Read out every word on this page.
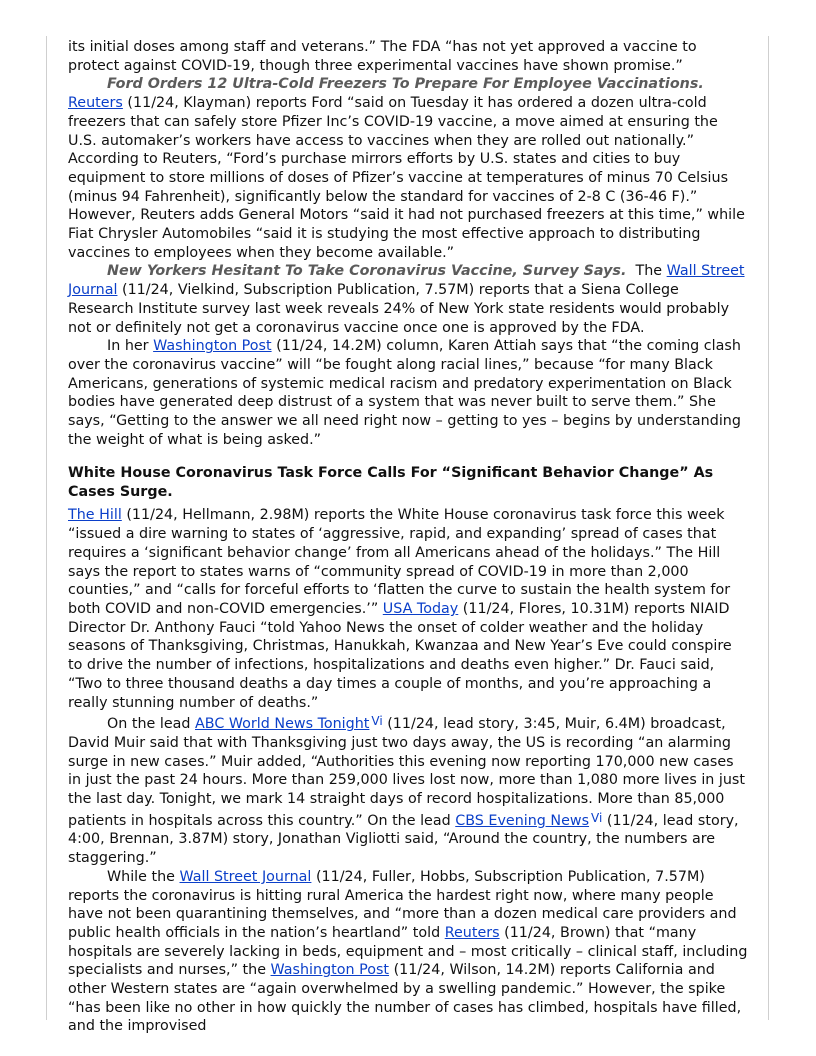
its initial doses among staff and veterans.” The FDA “has not yet approved a vaccine to protect against COVID-19, though three experimental vaccines have shown promise.”

Ford Orders 12 Ultra-Cold Freezers To Prepare For Employee Vaccinations.
Reuters (11/24, Klayman) reports Ford “said on Tuesday it has ordered a dozen ultra-cold freezers that can safely store Pfizer Inc’s COVID-19 vaccine, a move aimed at ensuring the U.S. automaker’s workers have access to vaccines when they are rolled out nationally.” According to Reuters, “Ford’s purchase mirrors efforts by U.S. states and cities to buy equipment to store millions of doses of Pfizer’s vaccine at temperatures of minus 70 Celsius (minus 94 Fahrenheit), significantly below the standard for vaccines of 2-8 C (36-46 F).” However, Reuters adds General Motors “said it had not purchased freezers at this time,” while Fiat Chrysler Automobiles “said it is studying the most effective approach to distributing vaccines to employees when they become available.”

New Yorkers Hesitant To Take Coronavirus Vaccine, Survey Says.  The Wall Street Journal (11/24, Vielkind, Subscription Publication, 7.57M) reports that a Siena College Research Institute survey last week reveals 24% of New York state residents would probably not or definitely not get a coronavirus vaccine once one is approved by the FDA.

In her Washington Post (11/24, 14.2M) column, Karen Attiah says that “the coming clash over the coronavirus vaccine” will “be fought along racial lines,” because “for many Black Americans, generations of systemic medical racism and predatory experimentation on Black bodies have generated deep distrust of a system that was never built to serve them.” She says, “Getting to the answer we all need right now – getting to yes – begins by understanding the weight of what is being asked.”

White House Coronavirus Task Force Calls For “Significant Behavior Change” As Cases Surge.

The Hill (11/24, Hellmann, 2.98M) reports the White House coronavirus task force this week “issued a dire warning to states of ‘aggressive, rapid, and expanding’ spread of cases that requires a ‘significant behavior change’ from all Americans ahead of the holidays.” The Hill says the report to states warns of “community spread of COVID-19 in more than 2,000 counties,” and “calls for forceful efforts to ‘flatten the curve to sustain the health system for both COVID and non-COVID emergencies.’” USA Today (11/24, Flores, 10.31M) reports NIAID Director Dr. Anthony Fauci “told Yahoo News the onset of colder weather and the holiday seasons of Thanksgiving, Christmas, Hanukkah, Kwanzaa and New Year’s Eve could conspire to drive the number of infections, hospitalizations and deaths even higher.” Dr. Fauci said, “Two to three thousand deaths a day times a couple of months, and you’re approaching a really stunning number of deaths.”

On the lead ABC World News Tonight $^{Vi}$ (11/24, lead story, 3:45, Muir, 6.4M) broadcast, David Muir said that with Thanksgiving just two days away, the US is recording “an alarming surge in new cases.” Muir added, “Authorities this evening now reporting 170,000 new cases in just the past 24 hours. More than 259,000 lives lost now, more than 1,080 more lives in just the last day. Tonight, we mark 14 straight days of record hospitalizations. More than 85,000 patients in hospitals across this country.” On the lead CBS Evening News $^{Vi}$ (11/24, lead story, 4:00, Brennan, 3.87M) story, Jonathan Vigliotti said, “Around the country, the numbers are staggering.”

While the Wall Street Journal (11/24, Fuller, Hobbs, Subscription Publication, 7.57M) reports the coronavirus is hitting rural America the hardest right now, where many people have not been quarantining themselves, and “more than a dozen medical care providers and public health officials in the nation’s heartland” told Reuters (11/24, Brown) that “many hospitals are severely lacking in beds, equipment and – most critically – clinical staff, including specialists and nurses,” the Washington Post (11/24, Wilson, 14.2M) reports California and other Western states are “again overwhelmed by a swelling pandemic.” However, the spike “has been like no other in how quickly the number of cases has climbed, hospitals have filled, and the improvised
